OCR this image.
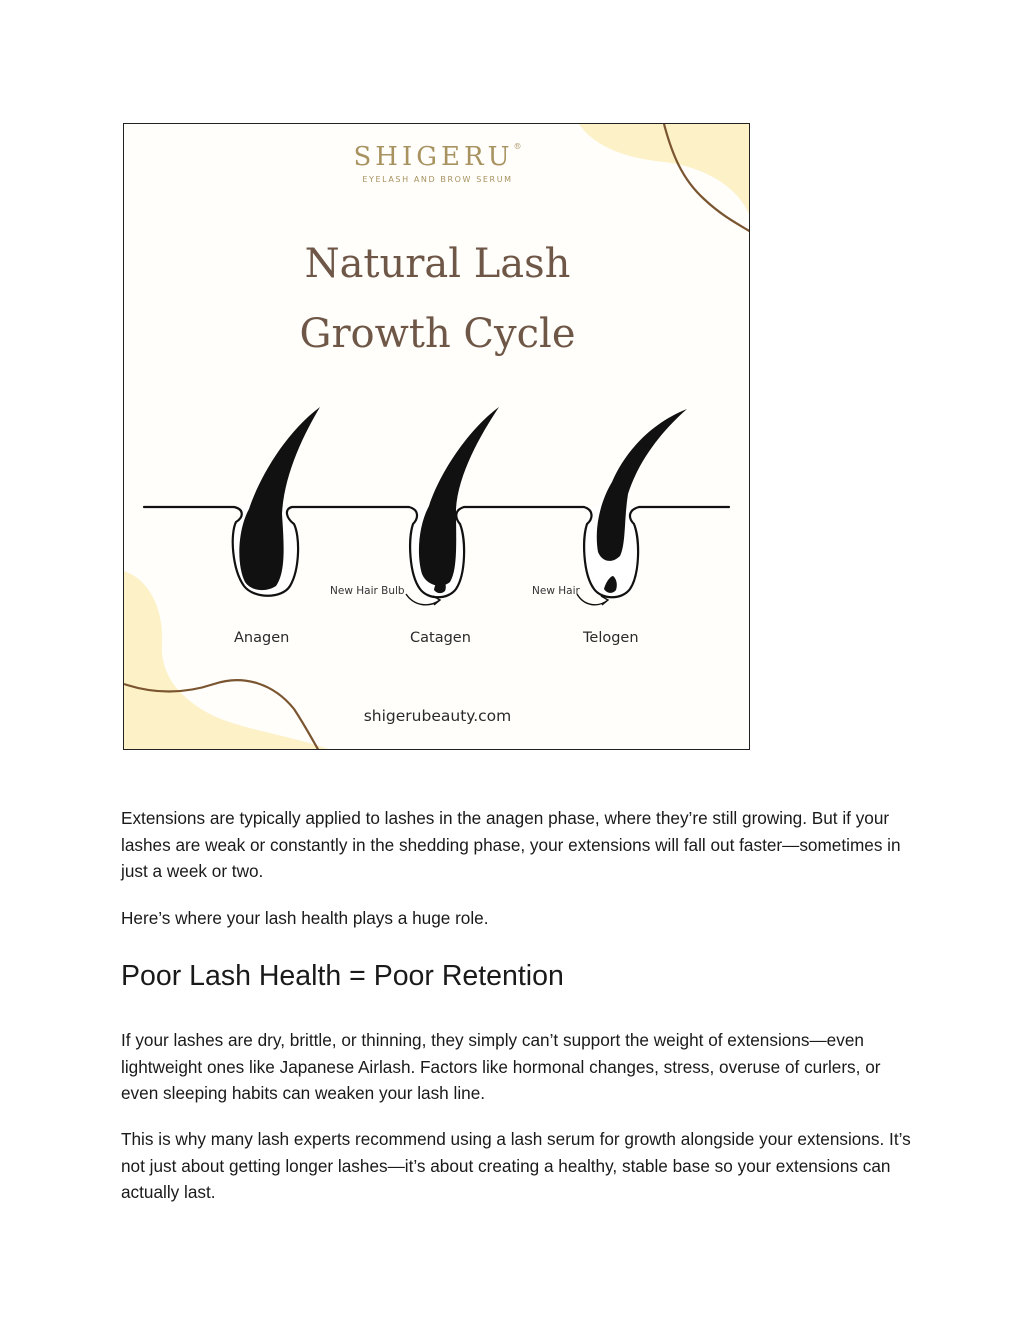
SHIGERU®
EYELASH AND BROW SERUM
Natural Lash
Growth Cycle
New Hair Bulb	New Hair
Anagen	Catagen	Telogen
shigerubeauty.com

Extensions are typically applied to lashes in the anagen phase, where they’re still growing. But if your lashes are weak or constantly in the shedding phase, your extensions will fall out faster—sometimes in just a week or two.

Here’s where your lash health plays a huge role.

Poor Lash Health = Poor Retention

If your lashes are dry, brittle, or thinning, they simply can’t support the weight of extensions—even lightweight ones like Japanese Airlash. Factors like hormonal changes, stress, overuse of curlers, or even sleeping habits can weaken your lash line.

This is why many lash experts recommend using a lash serum for growth alongside your extensions. It’s not just about getting longer lashes—it’s about creating a healthy, stable base so your extensions can actually last.
